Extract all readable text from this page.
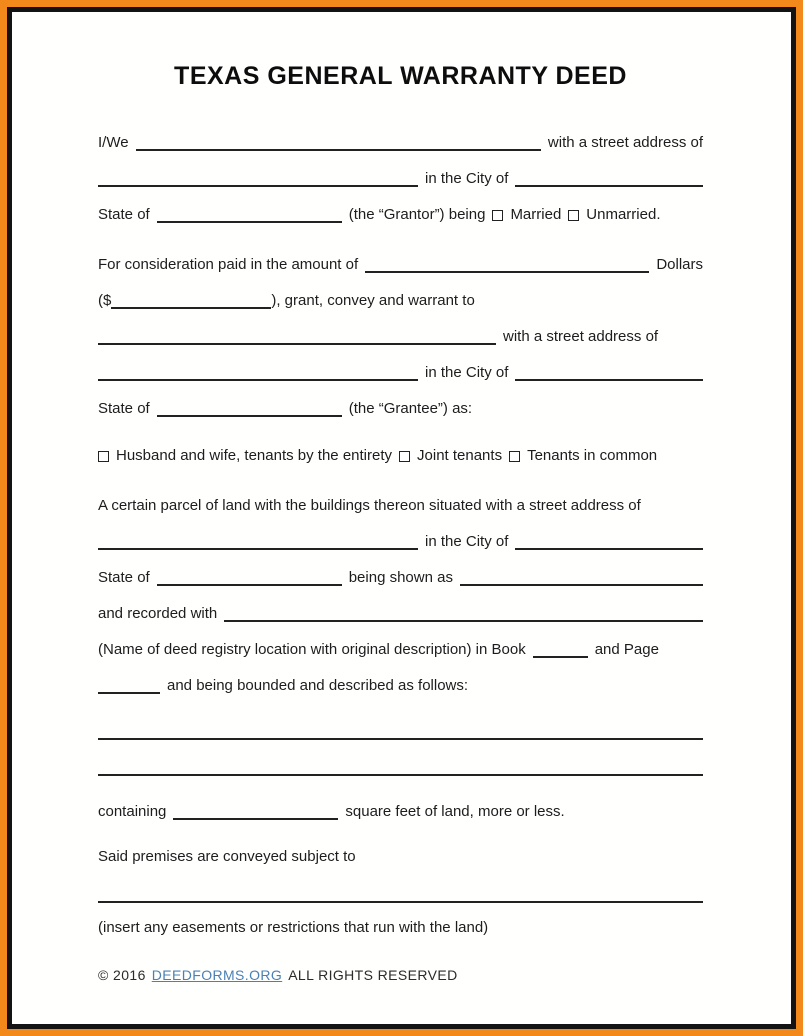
TEXAS GENERAL WARRANTY DEED
I/We	with a street address of
in the City of
State of	(the “Grantor”) being Married Unmarried.
For consideration paid in the amount of	Dollars
($	), grant, convey and warrant to
with a street address of
in the City of
State of	(the “Grantee”) as:
Husband and wife, tenants by the entirety Joint tenants Tenants in common
A certain parcel of land with the buildings thereon situated with a street address of
in the City of
State of	being shown as
and recorded with
(Name of deed registry location with original description) in Book	and Page
and being bounded and described as follows:
containing	square feet of land, more or less.
Said premises are conveyed subject to
(insert any easements or restrictions that run with the land)
© 2016 DEEDFORMS.ORG ALL RIGHTS RESERVED
